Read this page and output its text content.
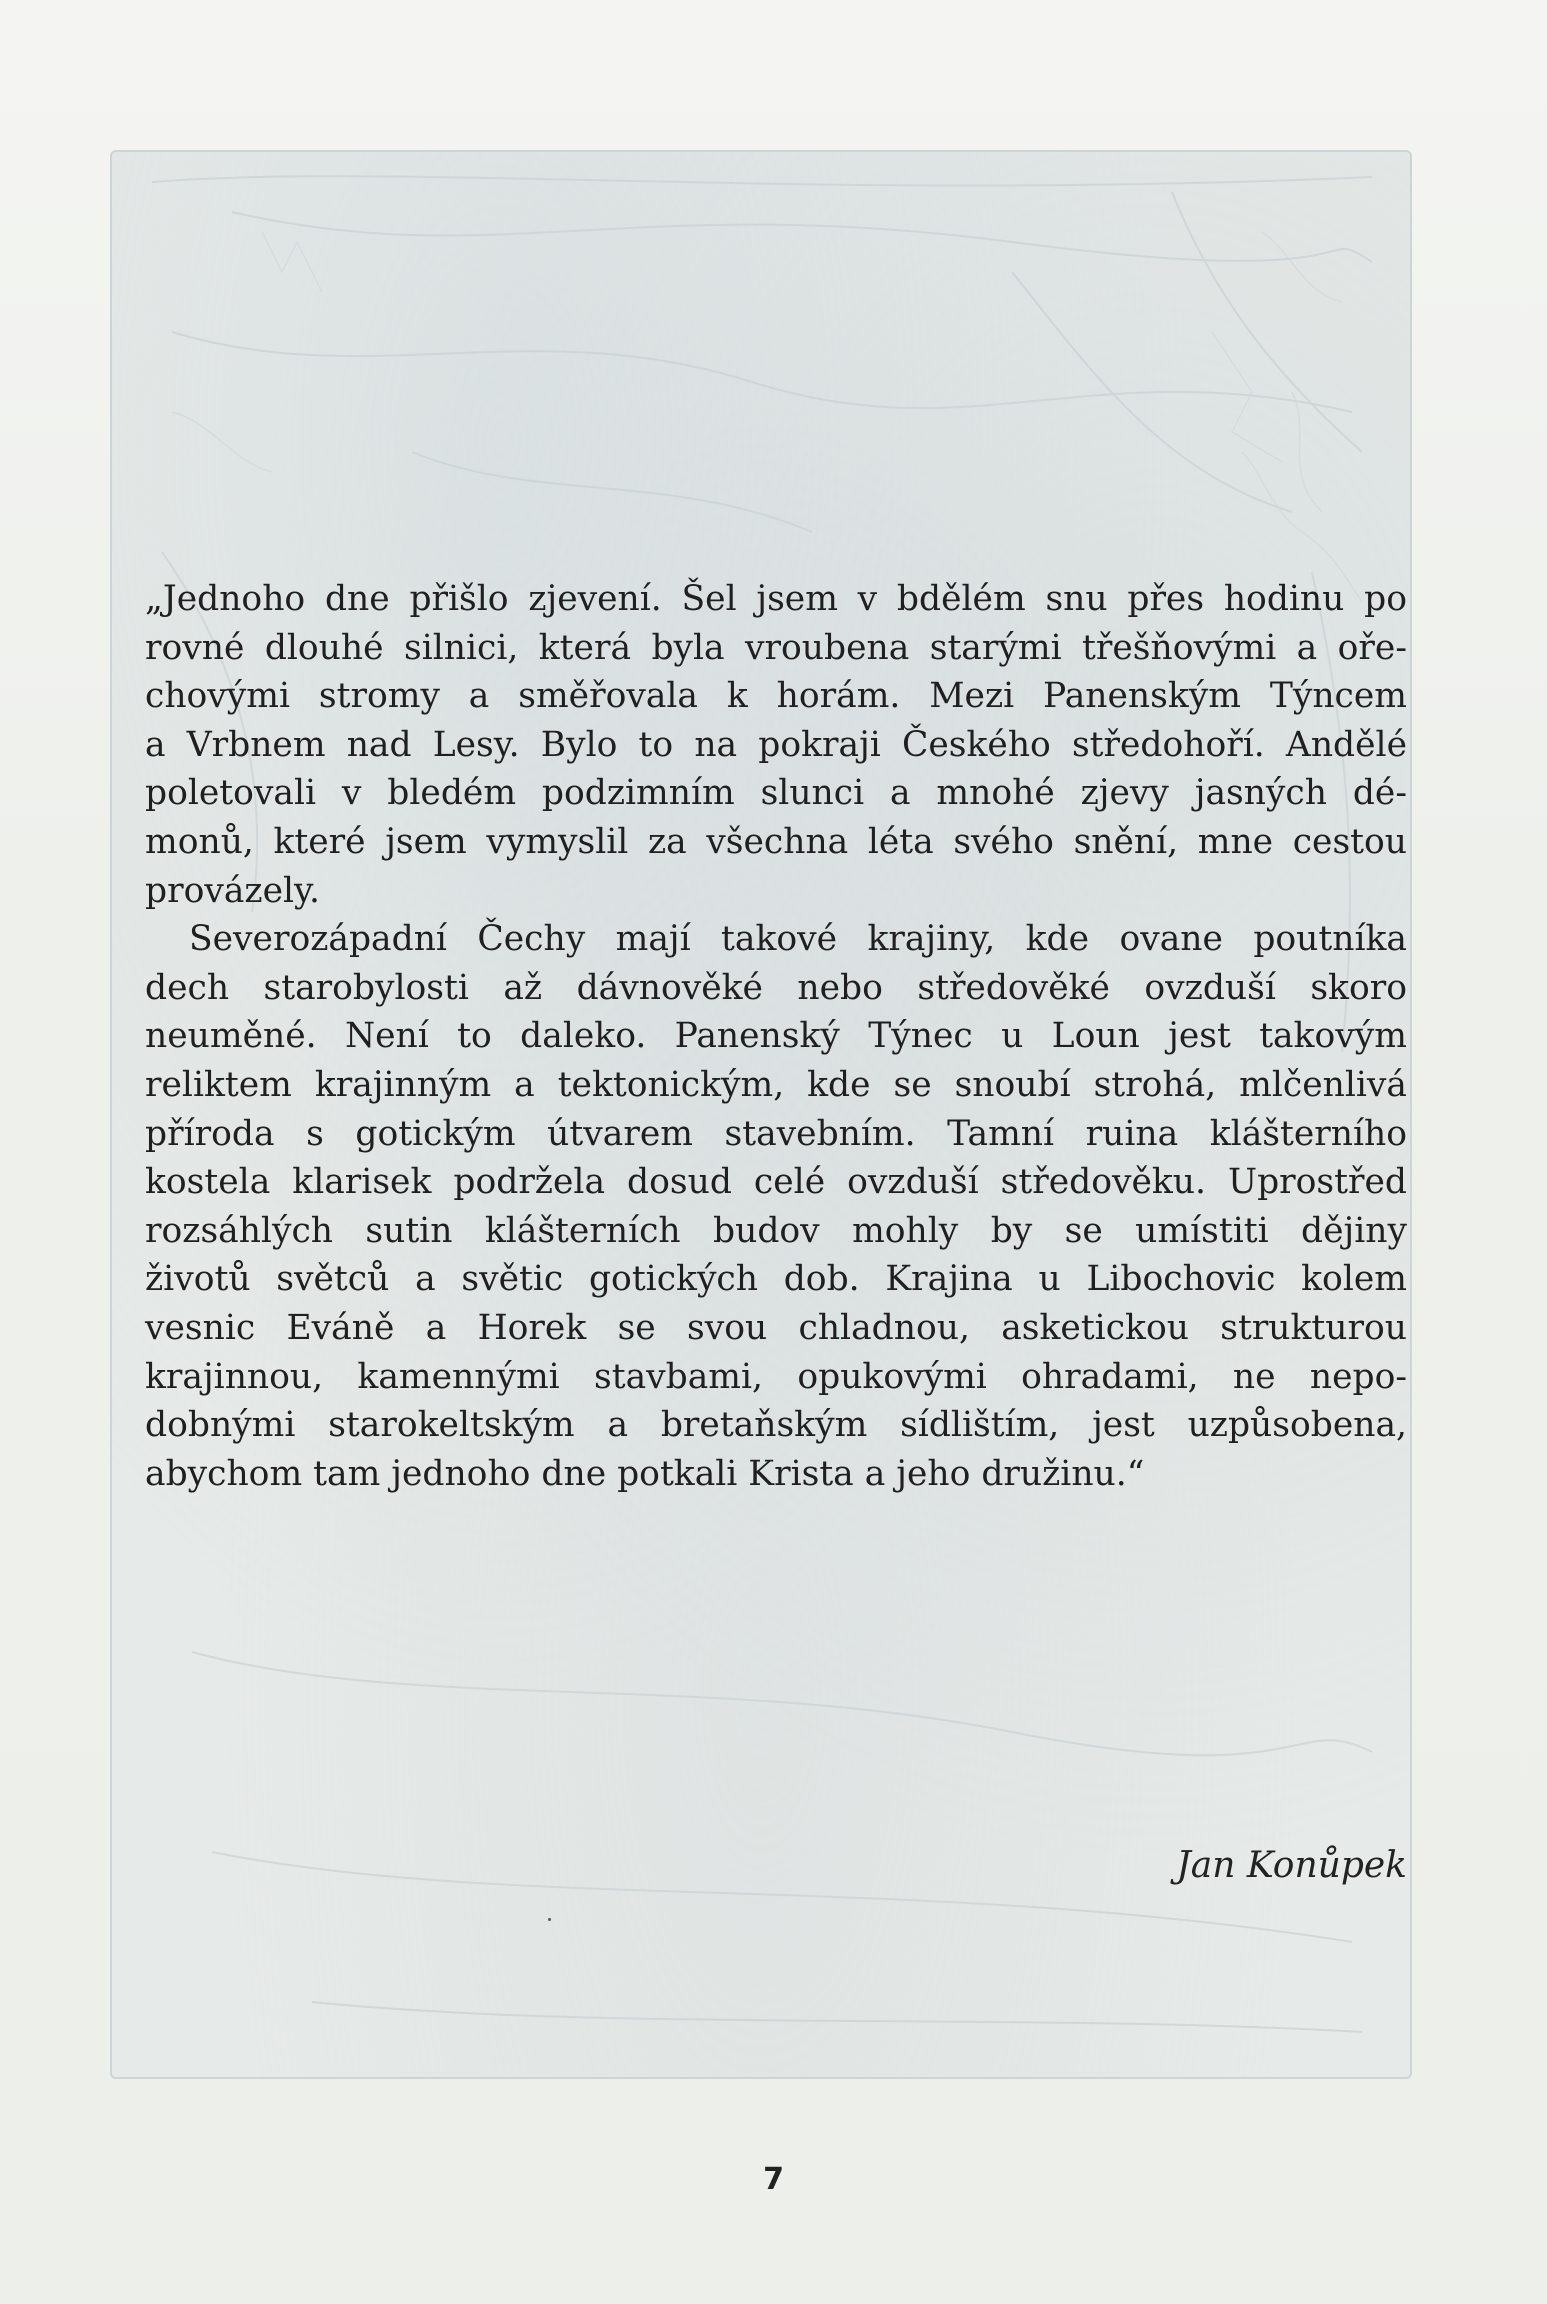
„Jednoho dne přišlo zjevení. Šel jsem v bdělém snu přes hodinu po
rovné dlouhé silnici, která byla vroubena starými třešňovými a oře-
chovými stromy a směřovala k horám. Mezi Panenským Týncem
a Vrbnem nad Lesy. Bylo to na pokraji Českého středohoří. Andělé
poletovali v bledém podzimním slunci a mnohé zjevy jasných dé-
monů, které jsem vymyslil za všechna léta svého snění, mne cestou
provázely.
Severozápadní Čechy mají takové krajiny, kde ovane poutníka
dech starobylosti až dávnověké nebo středověké ovzduší skoro
neuměné. Není to daleko. Panenský Týnec u Loun jest takovým
reliktem krajinným a tektonickým, kde se snoubí strohá, mlčenlivá
příroda s gotickým útvarem stavebním. Tamní ruina klášterního
kostela klarisek podržela dosud celé ovzduší středověku. Uprostřed
rozsáhlých sutin klášterních budov mohly by se umístiti dějiny
životů světců a světic gotických dob. Krajina u Libochovic kolem
vesnic Eváně a Horek se svou chladnou, asketickou strukturou
krajinnou, kamennými stavbami, opukovými ohradami, ne nepo-
dobnými starokeltským a bretaňským sídlištím, jest uzpůsobena,
abychom tam jednoho dne potkali Krista a jeho družinu.“
Jan Konůpek
7
